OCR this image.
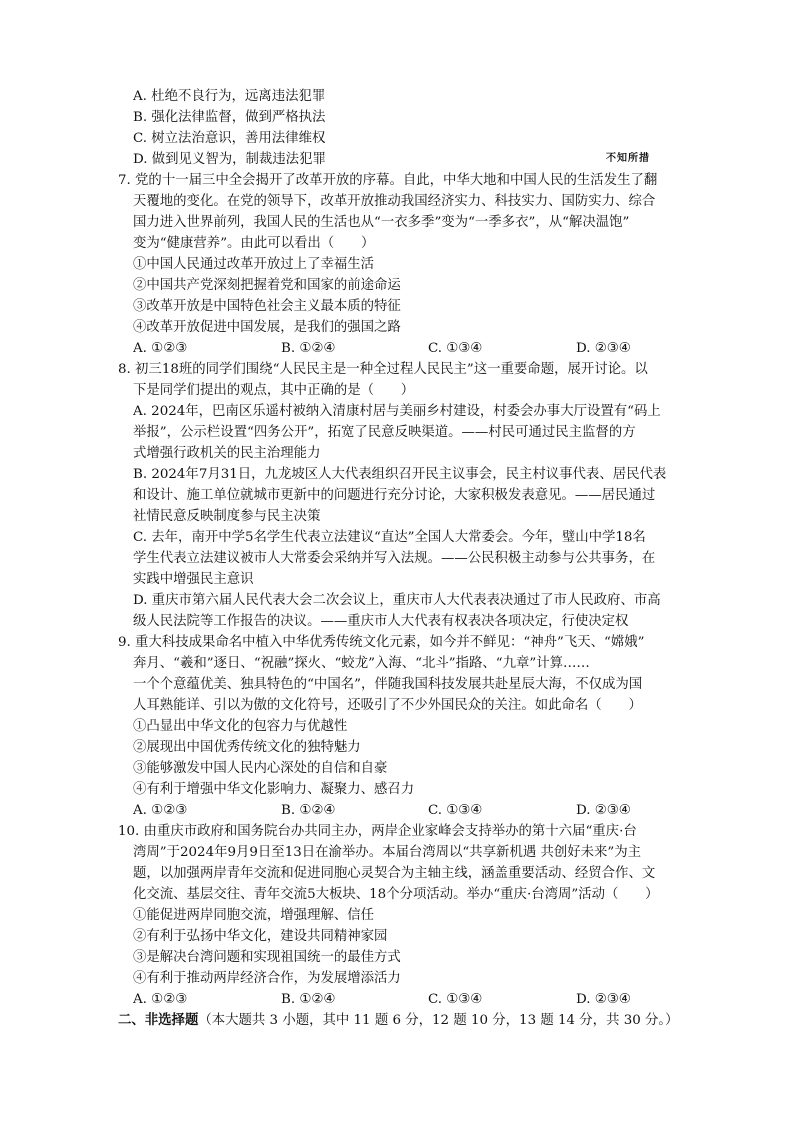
A. 杜绝不良行为，远离违法犯罪
B. 强化法律监督，做到严格执法
C. 树立法治意识，善用法律维权
D. 做到见义智为，制裁违法犯罪	不知所措
7. 党的十一届三中全会揭开了改革开放的序幕。自此，中华大地和中国人民的生活发生了翻
天覆地的变化。在党的领导下，改革开放推动我国经济实力、科技实力、国防实力、综合
国力进入世界前列，我国人民的生活也从“一衣多季”变为“一季多衣”，从“解决温饱”
变为“健康营养”。由此可以看出（　　）
①中国人民通过改革开放过上了幸福生活
②中国共产党深刻把握着党和国家的前途命运
③改革开放是中国特色社会主义最本质的特征
④改革开放促进中国发展，是我们的强国之路
A. ①②③	B. ①②④	C. ①③④	D. ②③④
8. 初三18班的同学们围绕“人民民主是一种全过程人民民主”这一重要命题，展开讨论。以
下是同学们提出的观点，其中正确的是（　　）
A. 2024年，巴南区乐遥村被纳入清康村居与美丽乡村建设，村委会办事大厅设置有“码上
举报”，公示栏设置“四务公开”，拓宽了民意反映渠道。——村民可通过民主监督的方
式增强行政机关的民主治理能力
B. 2024年7月31日，九龙坡区人大代表组织召开民主议事会，民主村议事代表、居民代表
和设计、施工单位就城市更新中的问题进行充分讨论，大家积极发表意见。——居民通过
社情民意反映制度参与民主决策
C. 去年，南开中学5名学生代表立法建议“直达”全国人大常委会。今年，璧山中学18名
学生代表立法建议被市人大常委会采纳并写入法规。——公民积极主动参与公共事务，在
实践中增强民主意识
D. 重庆市第六届人民代表大会二次会议上，重庆市人大代表表决通过了市人民政府、市高
级人民法院等工作报告的决议。——重庆市人大代表有权表决各项决定，行使决定权
9. 重大科技成果命名中植入中华优秀传统文化元素，如今并不鲜见：“神舟”飞天、“嫦娥”
奔月、“羲和”逐日、“祝融”探火、“蛟龙”入海、“北斗”指路、“九章”计算……
一个个意蕴优美、独具特色的“中国名”，伴随我国科技发展共赴星辰大海，不仅成为国
人耳熟能详、引以为傲的文化符号，还吸引了不少外国民众的关注。如此命名（　　）
①凸显出中华文化的包容力与优越性
②展现出中国优秀传统文化的独特魅力
③能够激发中国人民内心深处的自信和自豪
④有利于增强中华文化影响力、凝聚力、感召力
A. ①②③	B. ①②④	C. ①③④	D. ②③④
10. 由重庆市政府和国务院台办共同主办，两岸企业家峰会支持举办的第十六届“重庆·台
湾周”于2024年9月9日至13日在渝举办。本届台湾周以“共享新机遇 共创好未来”为主
题，以加强两岸青年交流和促进同胞心灵契合为主轴主线，涵盖重要活动、经贸合作、文
化交流、基层交往、青年交流5大板块、18个分项活动。举办“重庆·台湾周”活动（　　）
①能促进两岸同胞交流，增强理解、信任
②有利于弘扬中华文化，建设共同精神家园
③是解决台湾问题和实现祖国统一的最佳方式
④有利于推动两岸经济合作，为发展增添活力
A. ①②③	B. ①②④	C. ①③④	D. ②③④
二、非选择题（本大题共 3 小题，其中 11 题 6 分，12 题 10 分，13 题 14 分，共 30 分。）
